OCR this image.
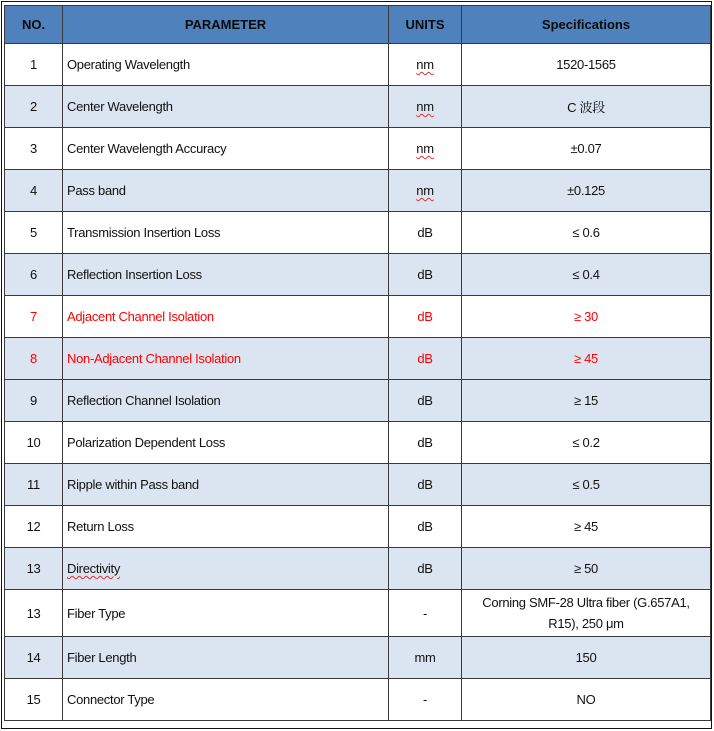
NO.	PARAMETER	UNITS	Specifications
1	Operating Wavelength	nm	1520-1565
2	Center Wavelength	nm	C 波段
3	Center Wavelength Accuracy	nm	±0.07
4	Pass band	nm	±0.125
5	Transmission Insertion Loss	dB	≤ 0.6
6	Reflection Insertion Loss	dB	≤ 0.4
7	Adjacent Channel Isolation	dB	≥ 30
8	Non-Adjacent Channel Isolation	dB	≥ 45
9	Reflection Channel Isolation	dB	≥ 15
10	Polarization Dependent Loss	dB	≤ 0.2
11	Ripple within Pass band	dB	≤ 0.5
12	Return Loss	dB	≥ 45
13	Directivity	dB	≥ 50
13	Fiber Type	-	Corning SMF-28 Ultra fiber (G.657A1,
R15), 250 μm

14	Fiber Length	mm	150
15	Connector Type	-	NO
